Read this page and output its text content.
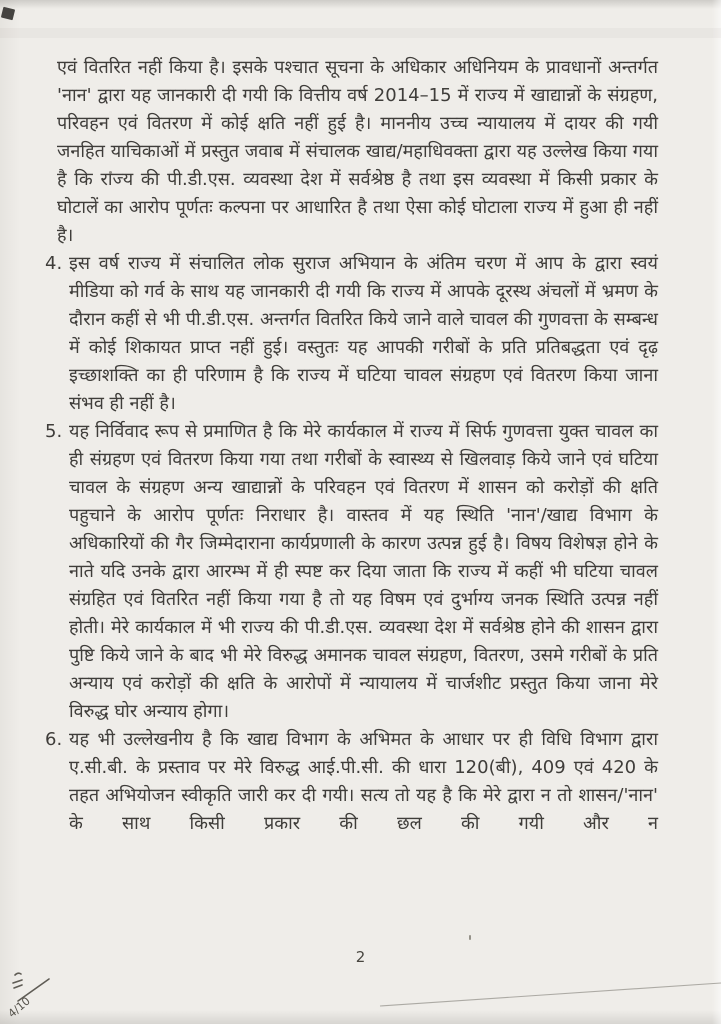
एवं वितरित नहीं किया है। इसके पश्चात सूचना के अधिकार अधिनियम के प्रावधानों अन्तर्गत 'नान' द्वारा यह जानकारी दी गयी कि वित्तीय वर्ष 2014–15 में राज्य में खाद्यान्नों के संग्रहण, परिवहन एवं वितरण में कोई क्षति नहीं हुई है। माननीय उच्च न्यायालय में दायर की गयी जनहित याचिकाओं में प्रस्तुत जवाब में संचालक खाद्य/महाधिवक्ता द्वारा यह उल्लेख किया गया है कि राज्य की पी.डी.एस. व्यवस्था देश में सर्वश्रेष्ठ है तथा इस व्यवस्था में किसी प्रकार के घोटालें का आरोप पूर्णतः कल्पना पर आधारित है तथा ऐसा कोई घोटाला राज्य में हुआ ही नहीं है।

4. इस वर्ष राज्य में संचालित लोक सुराज अभियान के अंतिम चरण में आप के द्वारा स्वयं मीडिया को गर्व के साथ यह जानकारी दी गयी कि राज्य में आपके दूरस्थ अंचलों में भ्रमण के दौरान कहीं से भी पी.डी.एस. अन्तर्गत वितरित किये जाने वाले चावल की गुणवत्ता के सम्बन्ध में कोई शिकायत प्राप्त नहीं हुई। वस्तुतः यह आपकी गरीबों के प्रति प्रतिबद्धता एवं दृढ़ इच्छाशक्ति का ही परिणाम है कि राज्य में घटिया चावल संग्रहण एवं वितरण किया जाना संभव ही नहीं है।

5. यह निर्विवाद रूप से प्रमाणित है कि मेरे कार्यकाल में राज्य में सिर्फ गुणवत्ता युक्त चावल का ही संग्रहण एवं वितरण किया गया तथा गरीबों के स्वास्थ्य से खिलवाड़ किये जाने एवं घटिया चावल के संग्रहण अन्य खाद्यान्नों के परिवहन एवं वितरण में शासन को करोड़ों की क्षति पहुचाने के आरोप पूर्णतः निराधार है। वास्तव में यह स्थिति 'नान'/खाद्य विभाग के अधिकारियों की गैर जिम्मेदाराना कार्यप्रणाली के कारण उत्पन्न हुई है। विषय विशेषज्ञ होने के नाते यदि उनके द्वारा आरम्भ में ही स्पष्ट कर दिया जाता कि राज्य में कहीं भी घटिया चावल संग्रहित एवं वितरित नहीं किया गया है तो यह विषम एवं दुर्भाग्य जनक स्थिति उत्पन्न नहीं होती। मेरे कार्यकाल में भी राज्य की पी.डी.एस. व्यवस्था देश में सर्वश्रेष्ठ होने की शासन द्वारा पुष्टि किये जाने के बाद भी मेरे विरुद्ध अमानक चावल संग्रहण, वितरण, उसमे गरीबों के प्रति अन्याय एवं करोड़ों की क्षति के आरोपों में न्यायालय में चार्जशीट प्रस्तुत किया जाना मेरे विरुद्ध घोर अन्याय होगा।

6. यह भी उल्लेखनीय है कि खाद्य विभाग के अभिमत के आधार पर ही विधि विभाग द्वारा ए.सी.बी. के प्रस्ताव पर मेरे विरुद्ध आई.पी.सी. की धारा 120(बी), 409 एवं 420 के तहत अभियोजन स्वीकृति जारी कर दी गयी। सत्य तो यह है कि मेरे द्वारा न तो शासन/'नान' के साथ किसी प्रकार की छल की गयी और न

2
4/10
